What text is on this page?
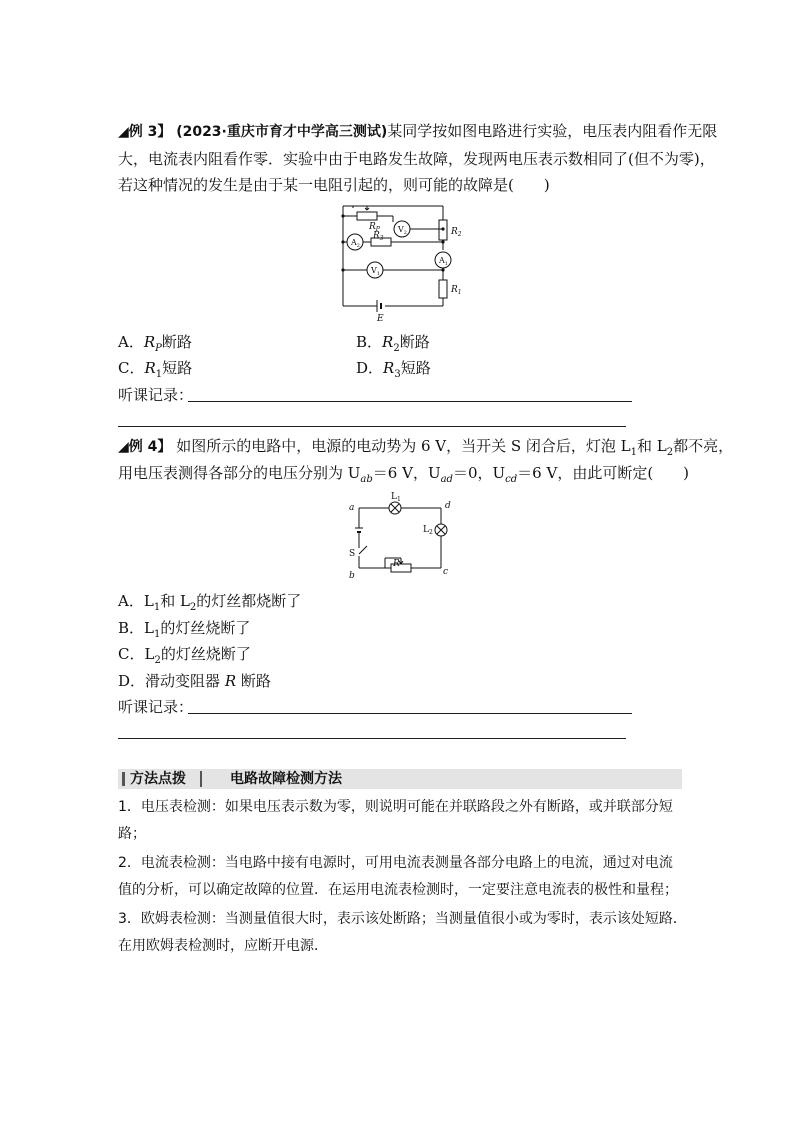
◢例 3】 (2023·重庆市育才中学高三测试)某同学按如图电路进行实验，电压表内阻看作无限
大，电流表内阻看作零．实验中由于电路发生故障，发现两电压表示数相同了(但不为零)，
若这种情况的发生是由于某一电阻引起的，则可能的故障是(　　)
$R_P$
$R_3$
$R_2$
$R_1$
E
$V_2$
$V_1$
$A_2$
$A_1$
A．$R_P$断路	B．$R_2$断路
C．$R_1$短路	D．$R_3$短路
听课记录：
◢例 4】 如图所示的电路中，电源的电动势为 6 V，当开关 S 闭合后，灯泡 $L_1$和 $L_2$都不亮，
用电压表测得各部分的电压分别为 $U_{ab}=6$ V，$U_{ad}=0$，$U_{cd}=6$ V，由此可断定(　　)
a	d
b	c
$L_1$
$L_2$
S
R
A．$L_1$和 $L_2$的灯丝都烧断了
B．$L_1$的灯丝烧断了
C．$L_2$的灯丝烧断了
D．滑动变阻器 R 断路
听课记录：
方法点拨	电路故障检测方法
1．电压表检测：如果电压表示数为零，则说明可能在并联路段之外有断路，或并联部分短
路；
2．电流表检测：当电路中接有电源时，可用电流表测量各部分电路上的电流，通过对电流
值的分析，可以确定故障的位置．在运用电流表检测时，一定要注意电流表的极性和量程；
3．欧姆表检测：当测量值很大时，表示该处断路；当测量值很小或为零时，表示该处短路．
在用欧姆表检测时，应断开电源．
